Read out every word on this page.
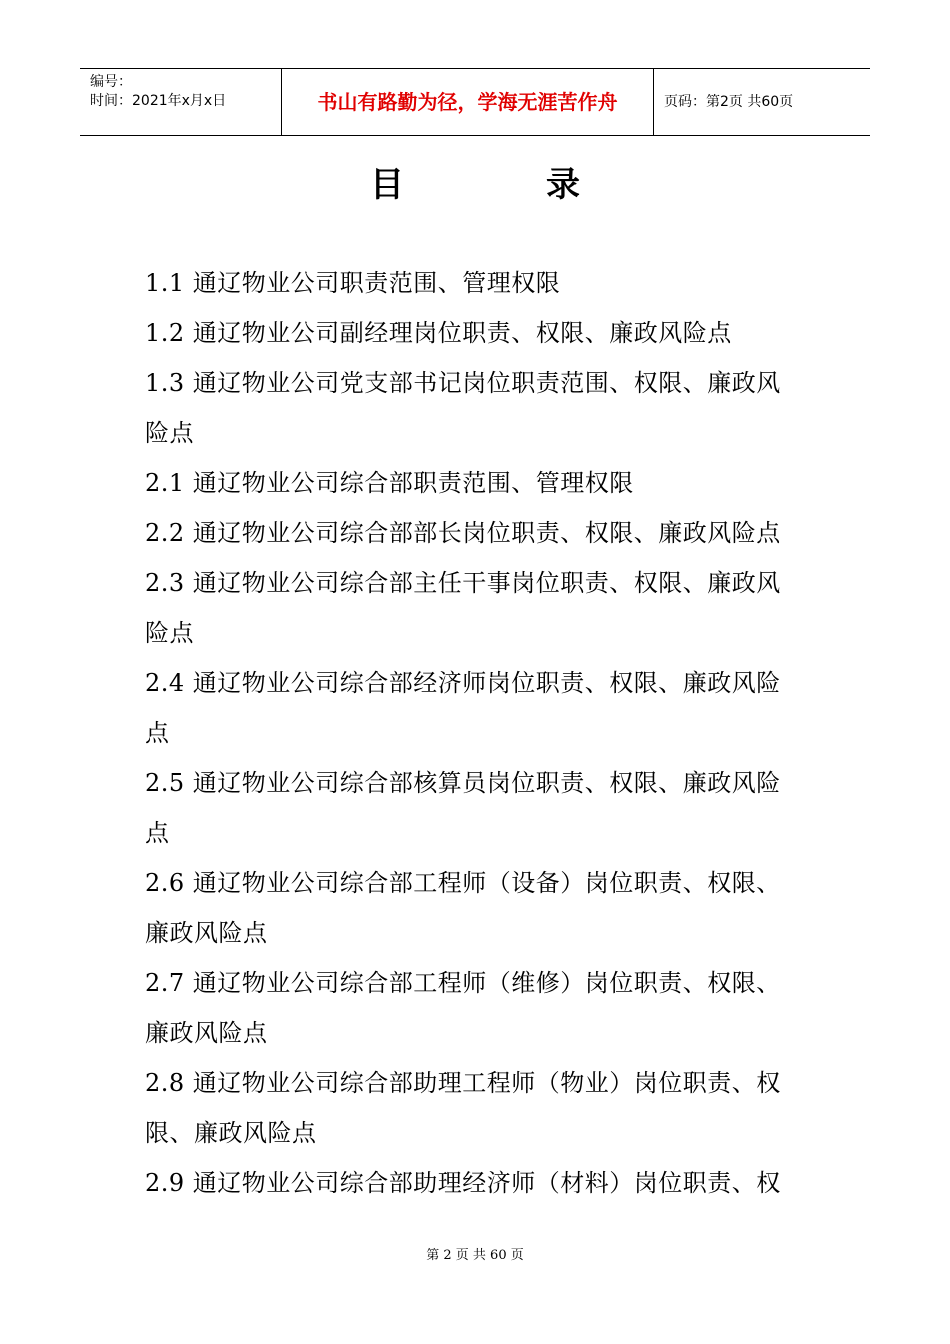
编号：
时间：2021年x月x日	书山有路勤为径，学海无涯苦作舟	页码：第2页 共60页
目	录
1.1 通辽物业公司职责范围、管理权限
1.2 通辽物业公司副经理岗位职责、权限、廉政风险点
1.3 通辽物业公司党支部书记岗位职责范围、权限、廉政风
险点
2.1 通辽物业公司综合部职责范围、管理权限
2.2 通辽物业公司综合部部长岗位职责、权限、廉政风险点
2.3 通辽物业公司综合部主任干事岗位职责、权限、廉政风
险点
2.4 通辽物业公司综合部经济师岗位职责、权限、廉政风险
点
2.5 通辽物业公司综合部核算员岗位职责、权限、廉政风险
点
2.6 通辽物业公司综合部工程师（设备）岗位职责、权限、
廉政风险点
2.7 通辽物业公司综合部工程师（维修）岗位职责、权限、
廉政风险点
2.8 通辽物业公司综合部助理工程师（物业）岗位职责、权
限、廉政风险点
2.9 通辽物业公司综合部助理经济师（材料）岗位职责、权
第 2 页 共 60 页
